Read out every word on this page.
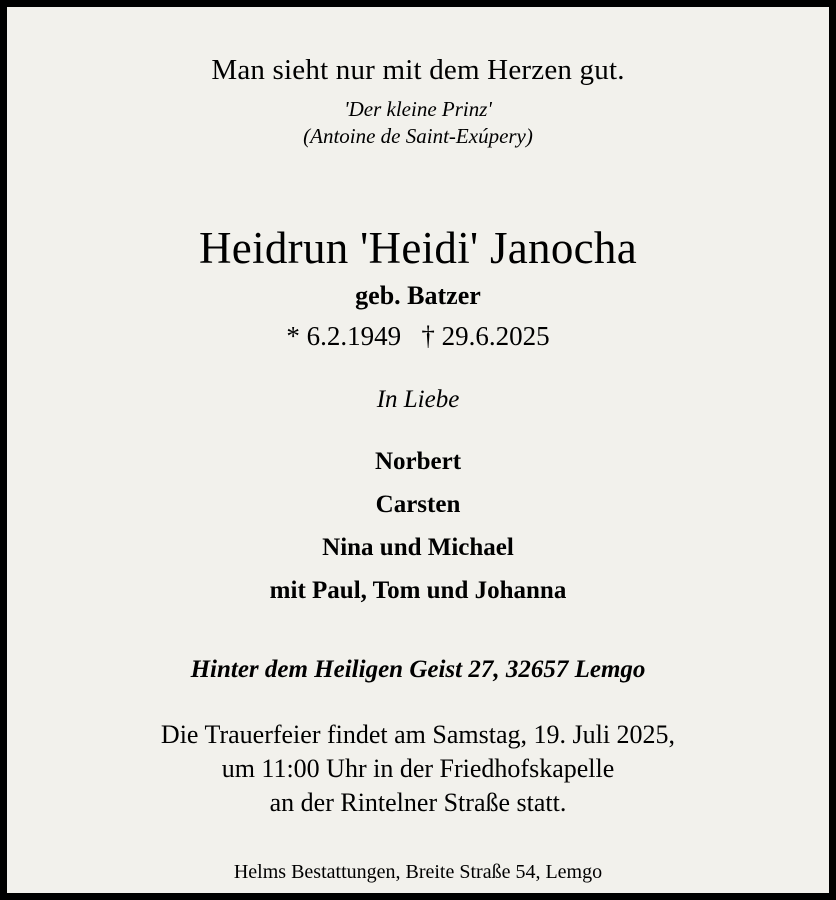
Man sieht nur mit dem Herzen gut.
'Der kleine Prinz'
(Antoine de Saint-Exúpery)
Heidrun 'Heidi' Janocha
geb. Batzer
* 6.2.1949   † 29.6.2025
In Liebe
Norbert
Carsten
Nina und Michael
mit Paul, Tom und Johanna
Hinter dem Heiligen Geist 27, 32657 Lemgo
Die Trauerfeier findet am Samstag, 19. Juli 2025,
um 11:00 Uhr in der Friedhofskapelle
an der Rintelner Straße statt.
Helms Bestattungen, Breite Straße 54, Lemgo
